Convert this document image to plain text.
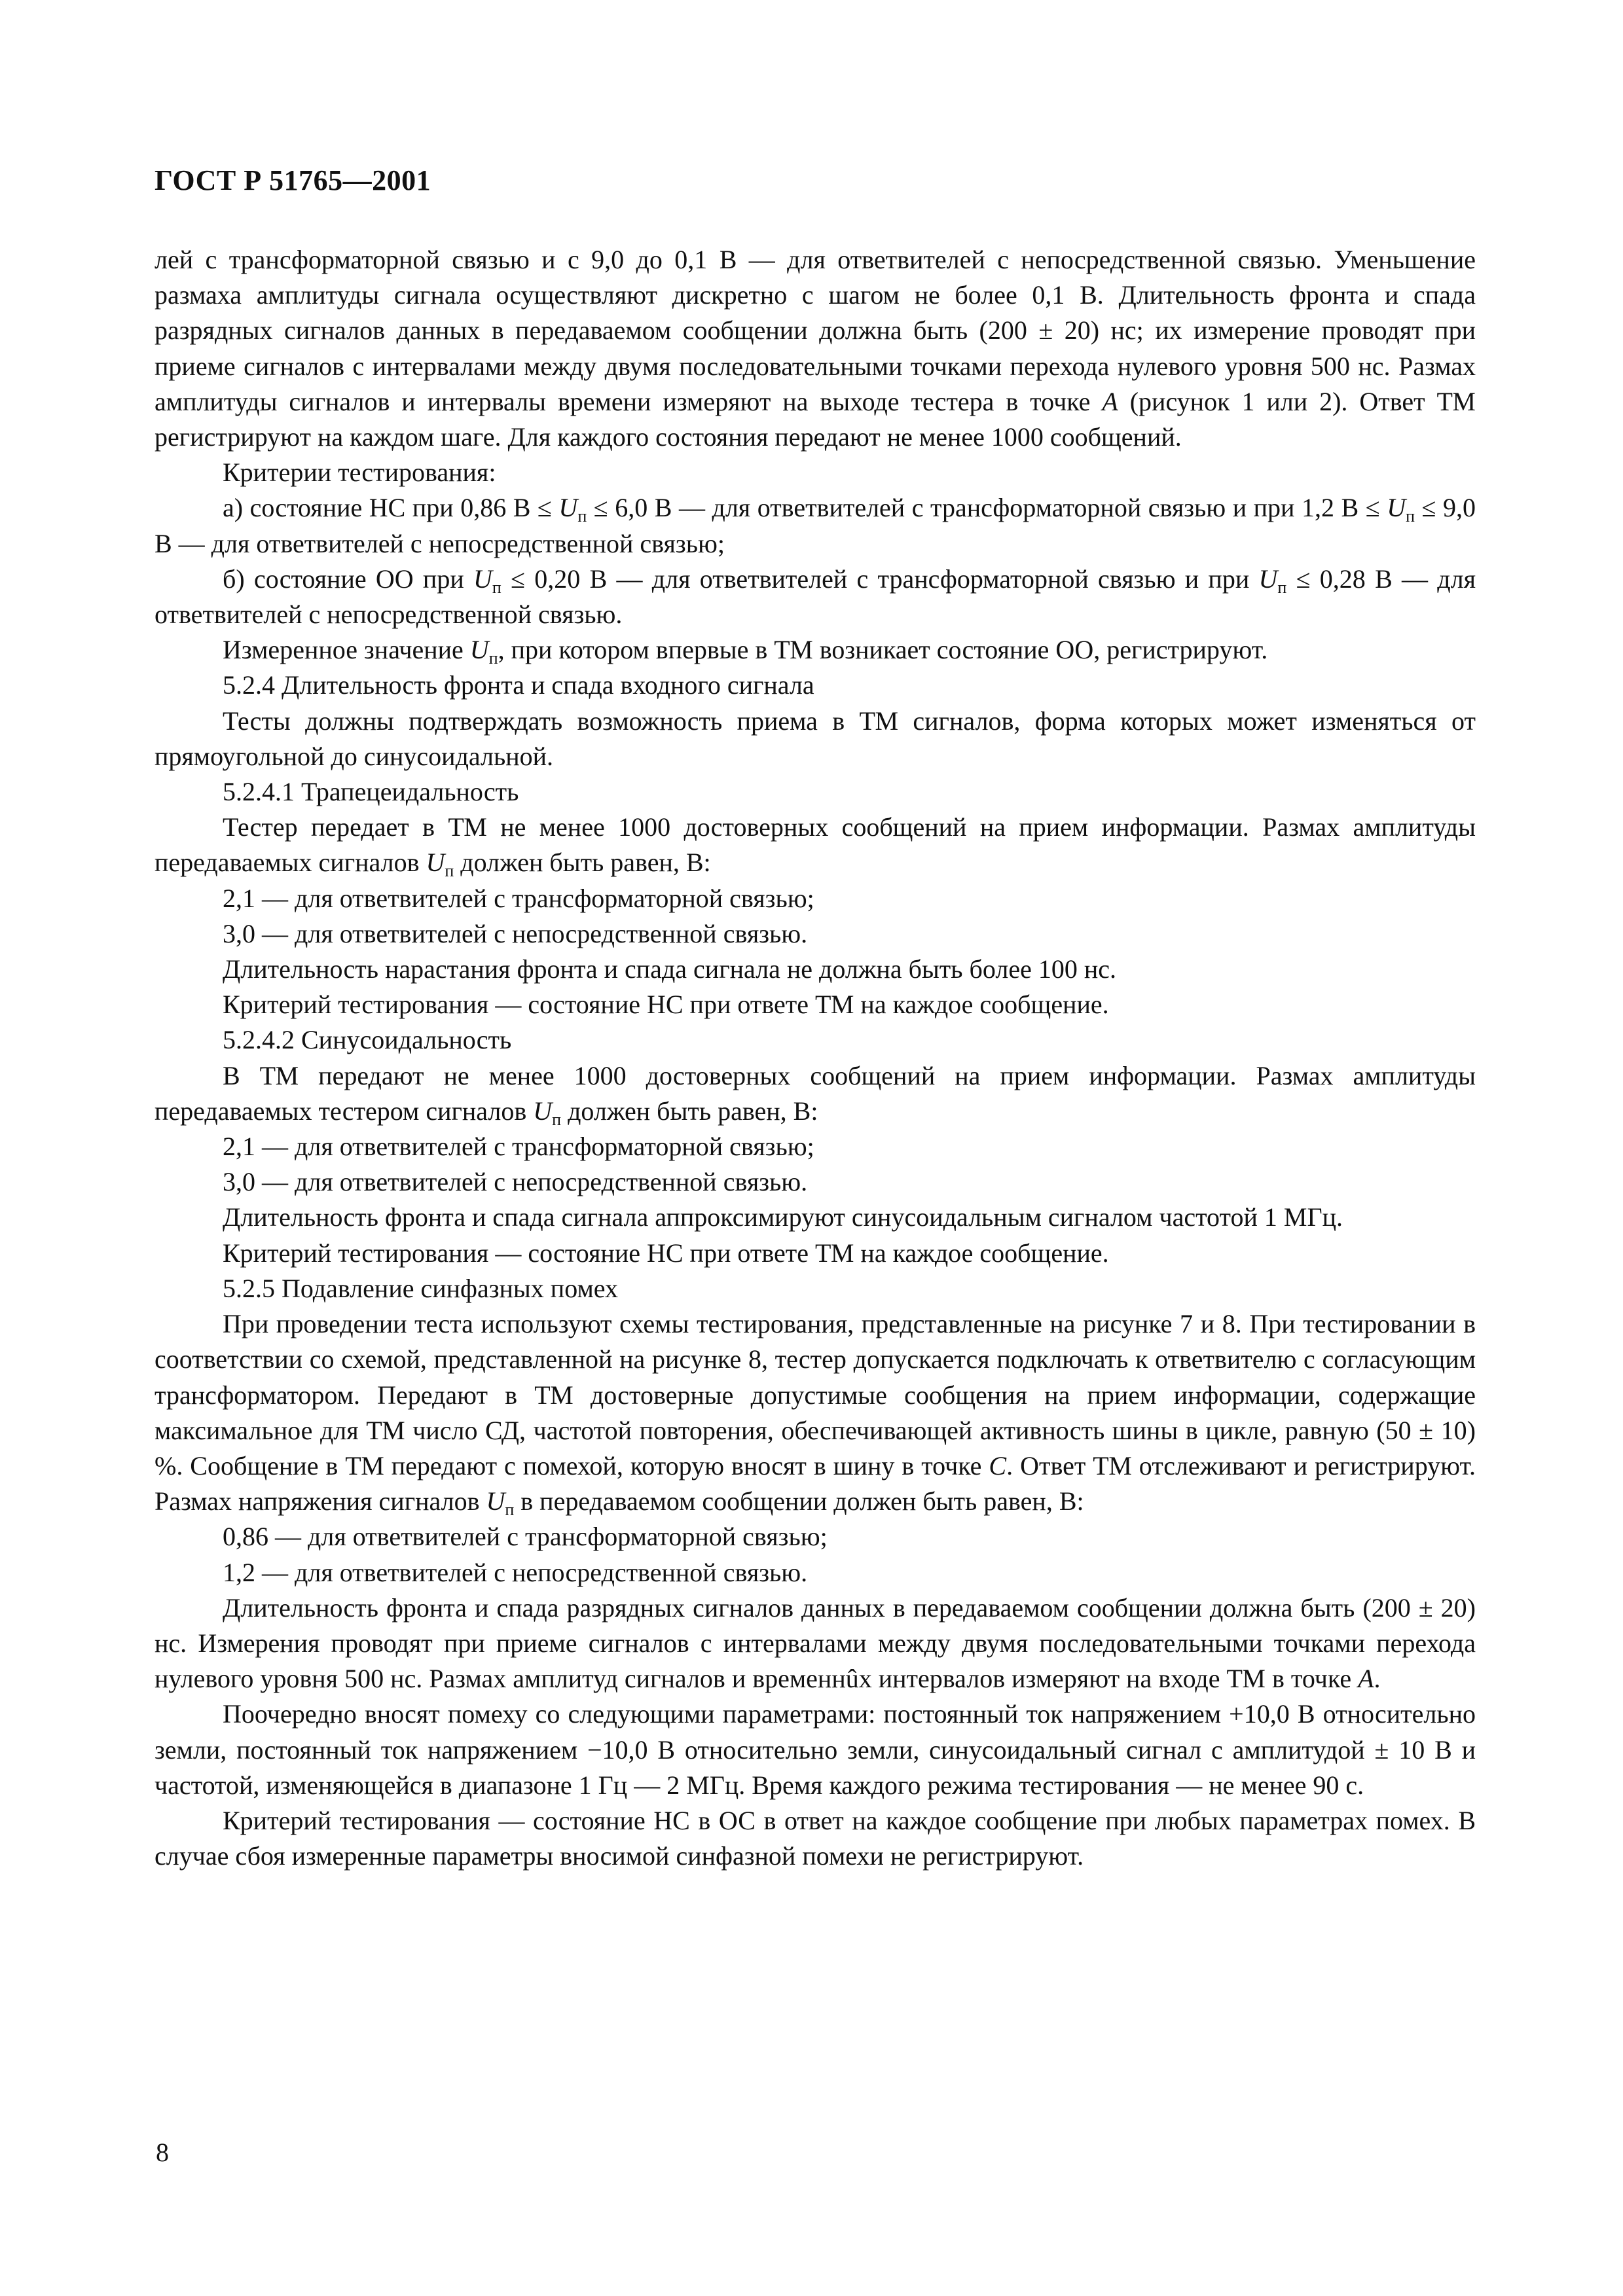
ГОСТ Р 51765—2001

лей с трансформаторной связью и с 9,0 до 0,1 В — для ответвителей с непосредственной связью. Уменьшение размаха амплитуды сигнала осуществляют дискретно с шагом не более 0,1 В. Длительность фронта и спада разрядных сигналов данных в передаваемом сообщении должна быть (200 ± 20) нс; их измерение проводят при приеме сигналов с интервалами между двумя последовательными точками перехода нулевого уровня 500 нс. Размах амплитуды сигналов и интервалы времени измеряют на выходе тестера в точке А (рисунок 1 или 2). Ответ ТМ регистрируют на каждом шаге. Для каждого состояния передают не менее 1000 сообщений.

Критерии тестирования:

а) состояние НС при 0,86 $В \le U_п \le 6,0$ В — для ответвителей с трансформаторной связью и при 1,2 $В \le U_п \le 9,0$ В — для ответвителей с непосредственной связью;

б) состояние ОО при $U_п \le 0,20$ В — для ответвителей с трансформаторной связью и при $U_п \le 0,28$ В — для ответвителей с непосредственной связью.

Измеренное значение $U_п$, при котором впервые в ТМ возникает состояние ОО, регистрируют.

5.2.4 Длительность фронта и спада входного сигнала

Тесты должны подтверждать возможность приема в ТМ сигналов, форма которых может изменяться от прямоугольной до синусоидальной.

5.2.4.1 Трапецеидальность

Тестер передает в ТМ не менее 1000 достоверных сообщений на прием информации. Размах амплитуды передаваемых сигналов $U_п$ должен быть равен, В:

2,1 — для ответвителей с трансформаторной связью;

3,0 — для ответвителей с непосредственной связью.

Длительность нарастания фронта и спада сигнала не должна быть более 100 нс.

Критерий тестирования — состояние НС при ответе ТМ на каждое сообщение.

5.2.4.2 Синусоидальность

В ТМ передают не менее 1000 достоверных сообщений на прием информации. Размах амплитуды передаваемых тестером сигналов $U_п$ должен быть равен, В:

2,1 — для ответвителей с трансформаторной связью;

3,0 — для ответвителей с непосредственной связью.

Длительность фронта и спада сигнала аппроксимируют синусоидальным сигналом частотой 1 МГц.

Критерий тестирования — состояние НС при ответе ТМ на каждое сообщение.

5.2.5 Подавление синфазных помех

При проведении теста используют схемы тестирования, представленные на рисунке 7 и 8. При тестировании в соответствии со схемой, представленной на рисунке 8, тестер допускается подключать к ответвителю с согласующим трансформатором. Передают в ТМ достоверные допустимые сообщения на прием информации, содержащие максимальное для ТМ число СД, частотой повторения, обеспечивающей активность шины в цикле, равную (50 ± 10) %. Сообщение в ТМ передают с помехой, которую вносят в шину в точке С. Ответ ТМ отслеживают и регистрируют. Размах напряжения сигналов $U_п$ в передаваемом сообщении должен быть равен, В:

0,86 — для ответвителей с трансформаторной связью;

1,2 — для ответвителей с непосредственной связью.

Длительность фронта и спада разрядных сигналов данных в передаваемом сообщении должна быть (200 ± 20) нс. Измерения проводят при приеме сигналов с интервалами между двумя последовательными точками перехода нулевого уровня 500 нс. Размах амплитуд сигналов и временнûх интервалов измеряют на входе ТМ в точке А.

Поочередно вносят помеху со следующими параметрами: постоянный ток напряжением +10,0 В относительно земли, постоянный ток напряжением −10,0 В относительно земли, синусоидальный сигнал с амплитудой ± 10 В и частотой, изменяющейся в диапазоне 1 Гц — 2 МГц. Время каждого режима тестирования — не менее 90 с.

Критерий тестирования — состояние НС в ОС в ответ на каждое сообщение при любых параметрах помех. В случае сбоя измеренные параметры вносимой синфазной помехи не регистрируют.

8
